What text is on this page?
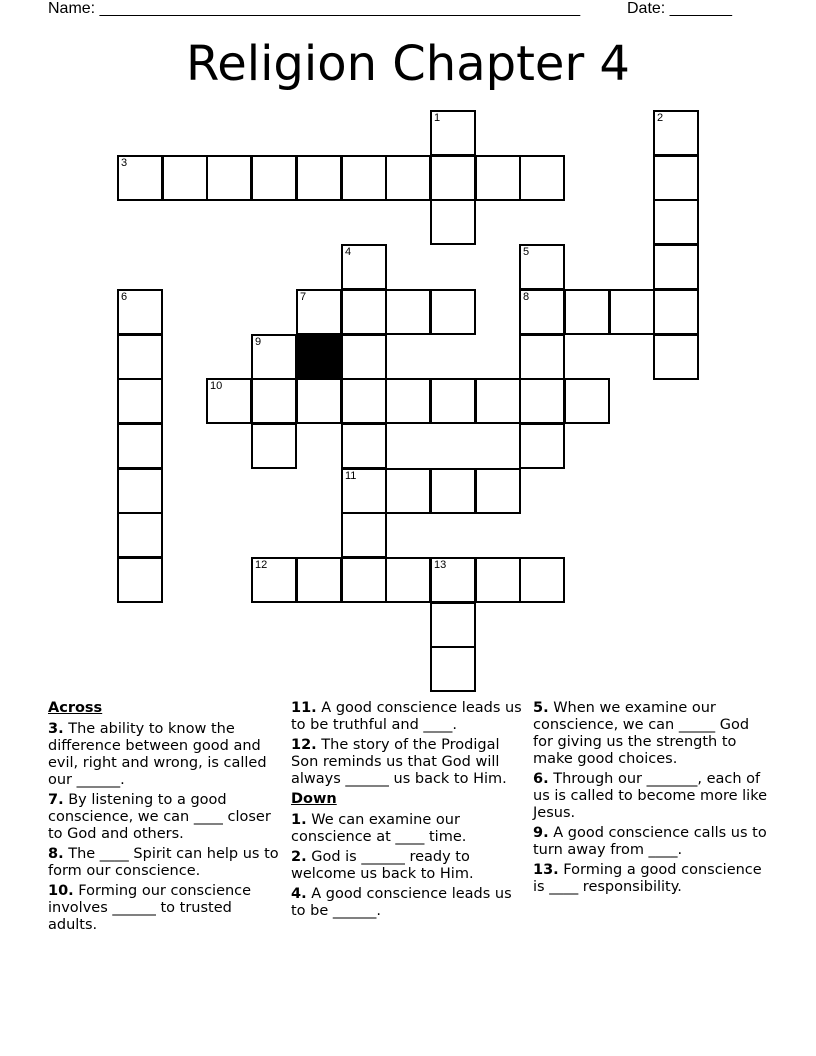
Name: ______________________________________________________	Date: _______
Religion Chapter 4
1	2
3
4	5
6	7	8
9
10
11
12	13
Across
3. The ability to know the difference between good and evil, right and wrong, is called our ______.
7. By listening to a good conscience, we can ____ closer to God and others.
8. The ____ Spirit can help us to form our conscience.
10. Forming our conscience involves ______ to trusted adults.
11. A good conscience leads us to be truthful and ____.
12. The story of the Prodigal Son reminds us that God will always ______ us back to Him.
Down
1. We can examine our conscience at ____ time.
2. God is ______ ready to welcome us back to Him.
4. A good conscience leads us to be ______.
5. When we examine our conscience, we can _____ God for giving us the strength to make good choices.
6. Through our _______, each of us is called to become more like Jesus.
9. A good conscience calls us to turn away from ____.
13. Forming a good conscience is ____ responsibility.
